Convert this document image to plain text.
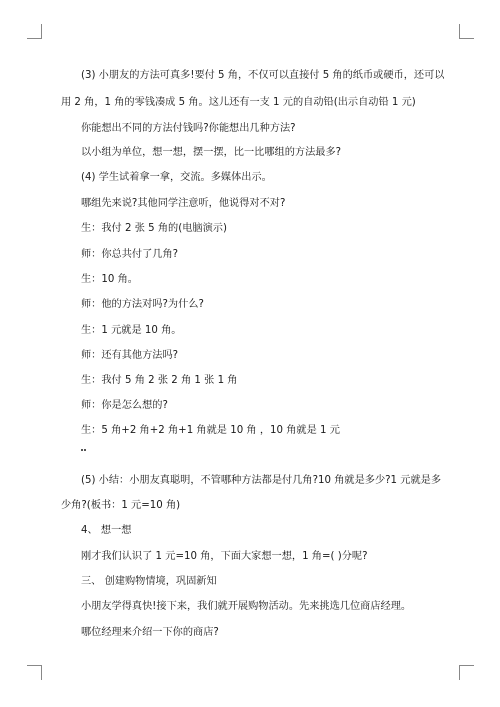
(3) 小朋友的方法可真多!要付 5 角，不仅可以直接付 5 角的纸币或硬币，还可以
用 2 角，1 角的零钱凑成 5 角。这儿还有一支 1 元的自动铅(出示自动铅 1 元)
你能想出不同的方法付钱吗?你能想出几种方法?
以小组为单位，想一想，摆一摆，比一比哪组的方法最多?
(4) 学生试着拿一拿，交流。多媒体出示。
哪组先来说?其他同学注意听，他说得对不对?
生：我付 2 张 5 角的(电脑演示)
师：你总共付了几角?
生：10 角。
师：他的方法对吗?为什么?
生：1 元就是 10 角。
师：还有其他方法吗?
生：我付 5 角 2 张 2 角 1 张 1 角
师：你是怎么想的?
生：5 角+2 角+2 角+1 角就是 10 角 ，10 角就是 1 元
(5) 小结：小朋友真聪明，不管哪种方法都是付几角?10 角就是多少?1 元就是多
少角?(板书：1 元=10 角)
4、 想一想
刚才我们认识了 1 元=10 角，下面大家想一想，1 角=( )分呢?
三、 创建购物情境，巩固新知
小朋友学得真快!接下来，我们就开展购物活动。先来挑选几位商店经理。
哪位经理来介绍一下你的商店?
